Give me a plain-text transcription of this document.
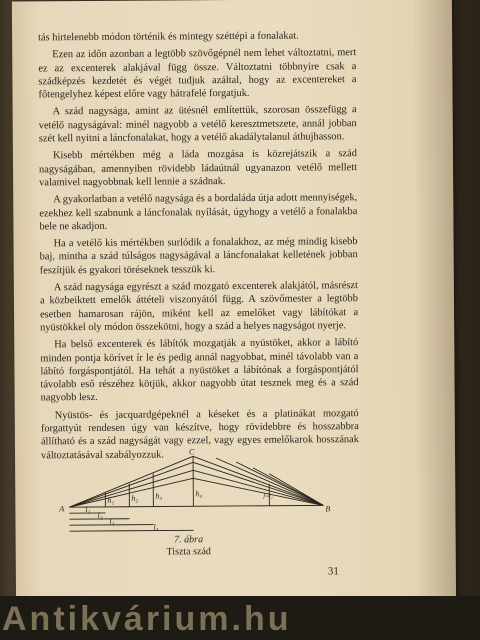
tás hirtelenebb módon történik és mintegy széttépi a fonalakat.

Ezen az időn azonban a legtöbb szövőgépnél nem lehet változtatni, mert ez az excenterek alakjával függ össze. Változtatni többnyire csak a szádképzés kezdetét és végét tudjuk azáltal, hogy az excentereket a főtengelyhez képest előre vagy hátrafelé forgatjuk.

A szád nagysága, amint az ütésnél említettük, szorosan összefügg a vetélő nagyságával: minél nagyobb a vetélő keresztmetszete, annál jobban szét kell nyitni a láncfonalakat, hogy a vetélő akadálytalanul áthujhasson.

Kisebb mértékben még a láda mozgása is közrejátszik a szád nagyságában, amennyiben rövidebb ládaútnál ugyanazon vetélő mellett valamivel nagyobbnak kell lennie a szádnak.

A gyakorlatban a vetélő nagysága és a bordaláda útja adott mennyiségek, ezekhez kell szabnunk a láncfonalak nyílását, úgyhogy a vetélő a fonalakba bele ne akadjon.

Ha a vetélő kis mértékben surlódik a fonalakhoz, az még mindig kisebb baj, mintha a szád túlságos nagyságával a láncfonalakat kelletének jobban feszítjük és gyakori töréseknek tesszük ki.

A szád nagysága egyrészt a szád mozgató excenterek alakjától, másrészt a közbeiktett emelők áttételi viszonyától függ. A szövőmester a legtöbb esetben hamarosan rájön, miként kell az emelőket vagy lábítókat a nyüstökkel oly módon összekötni, hogy a szád a helyes nagyságot nyerje.

Ha belső excenterek és lábítók mozgatják a nyüstöket, akkor a lábító minden pontja körívet ír le és pedig annál nagyobbat, minél távolabb van a lábító forgáspontjától. Ha tehát a nyüstöket a lábítónak a forgáspontjától távolabb eső részéhez kötjük, akkor nagyobb útat tesznek meg és a szád nagyobb lesz.

Nyüstös- és jacquardgépeknél a késeket és a platinákat mozgató forgattyút rendesen úgy van készítve, hogy rövidebbre és hosszabbra állítható és a szád nagyságát vagy ezzel, vagy egyes emelőkarok hosszának változtatásával szabályozzuk.	C
A	B
h₁ h₂ h₃	h₄
l₁
l₂
l₃
l₄
f=l₁
7. ábra
Tiszta szád
31
Antikvárium.hu
